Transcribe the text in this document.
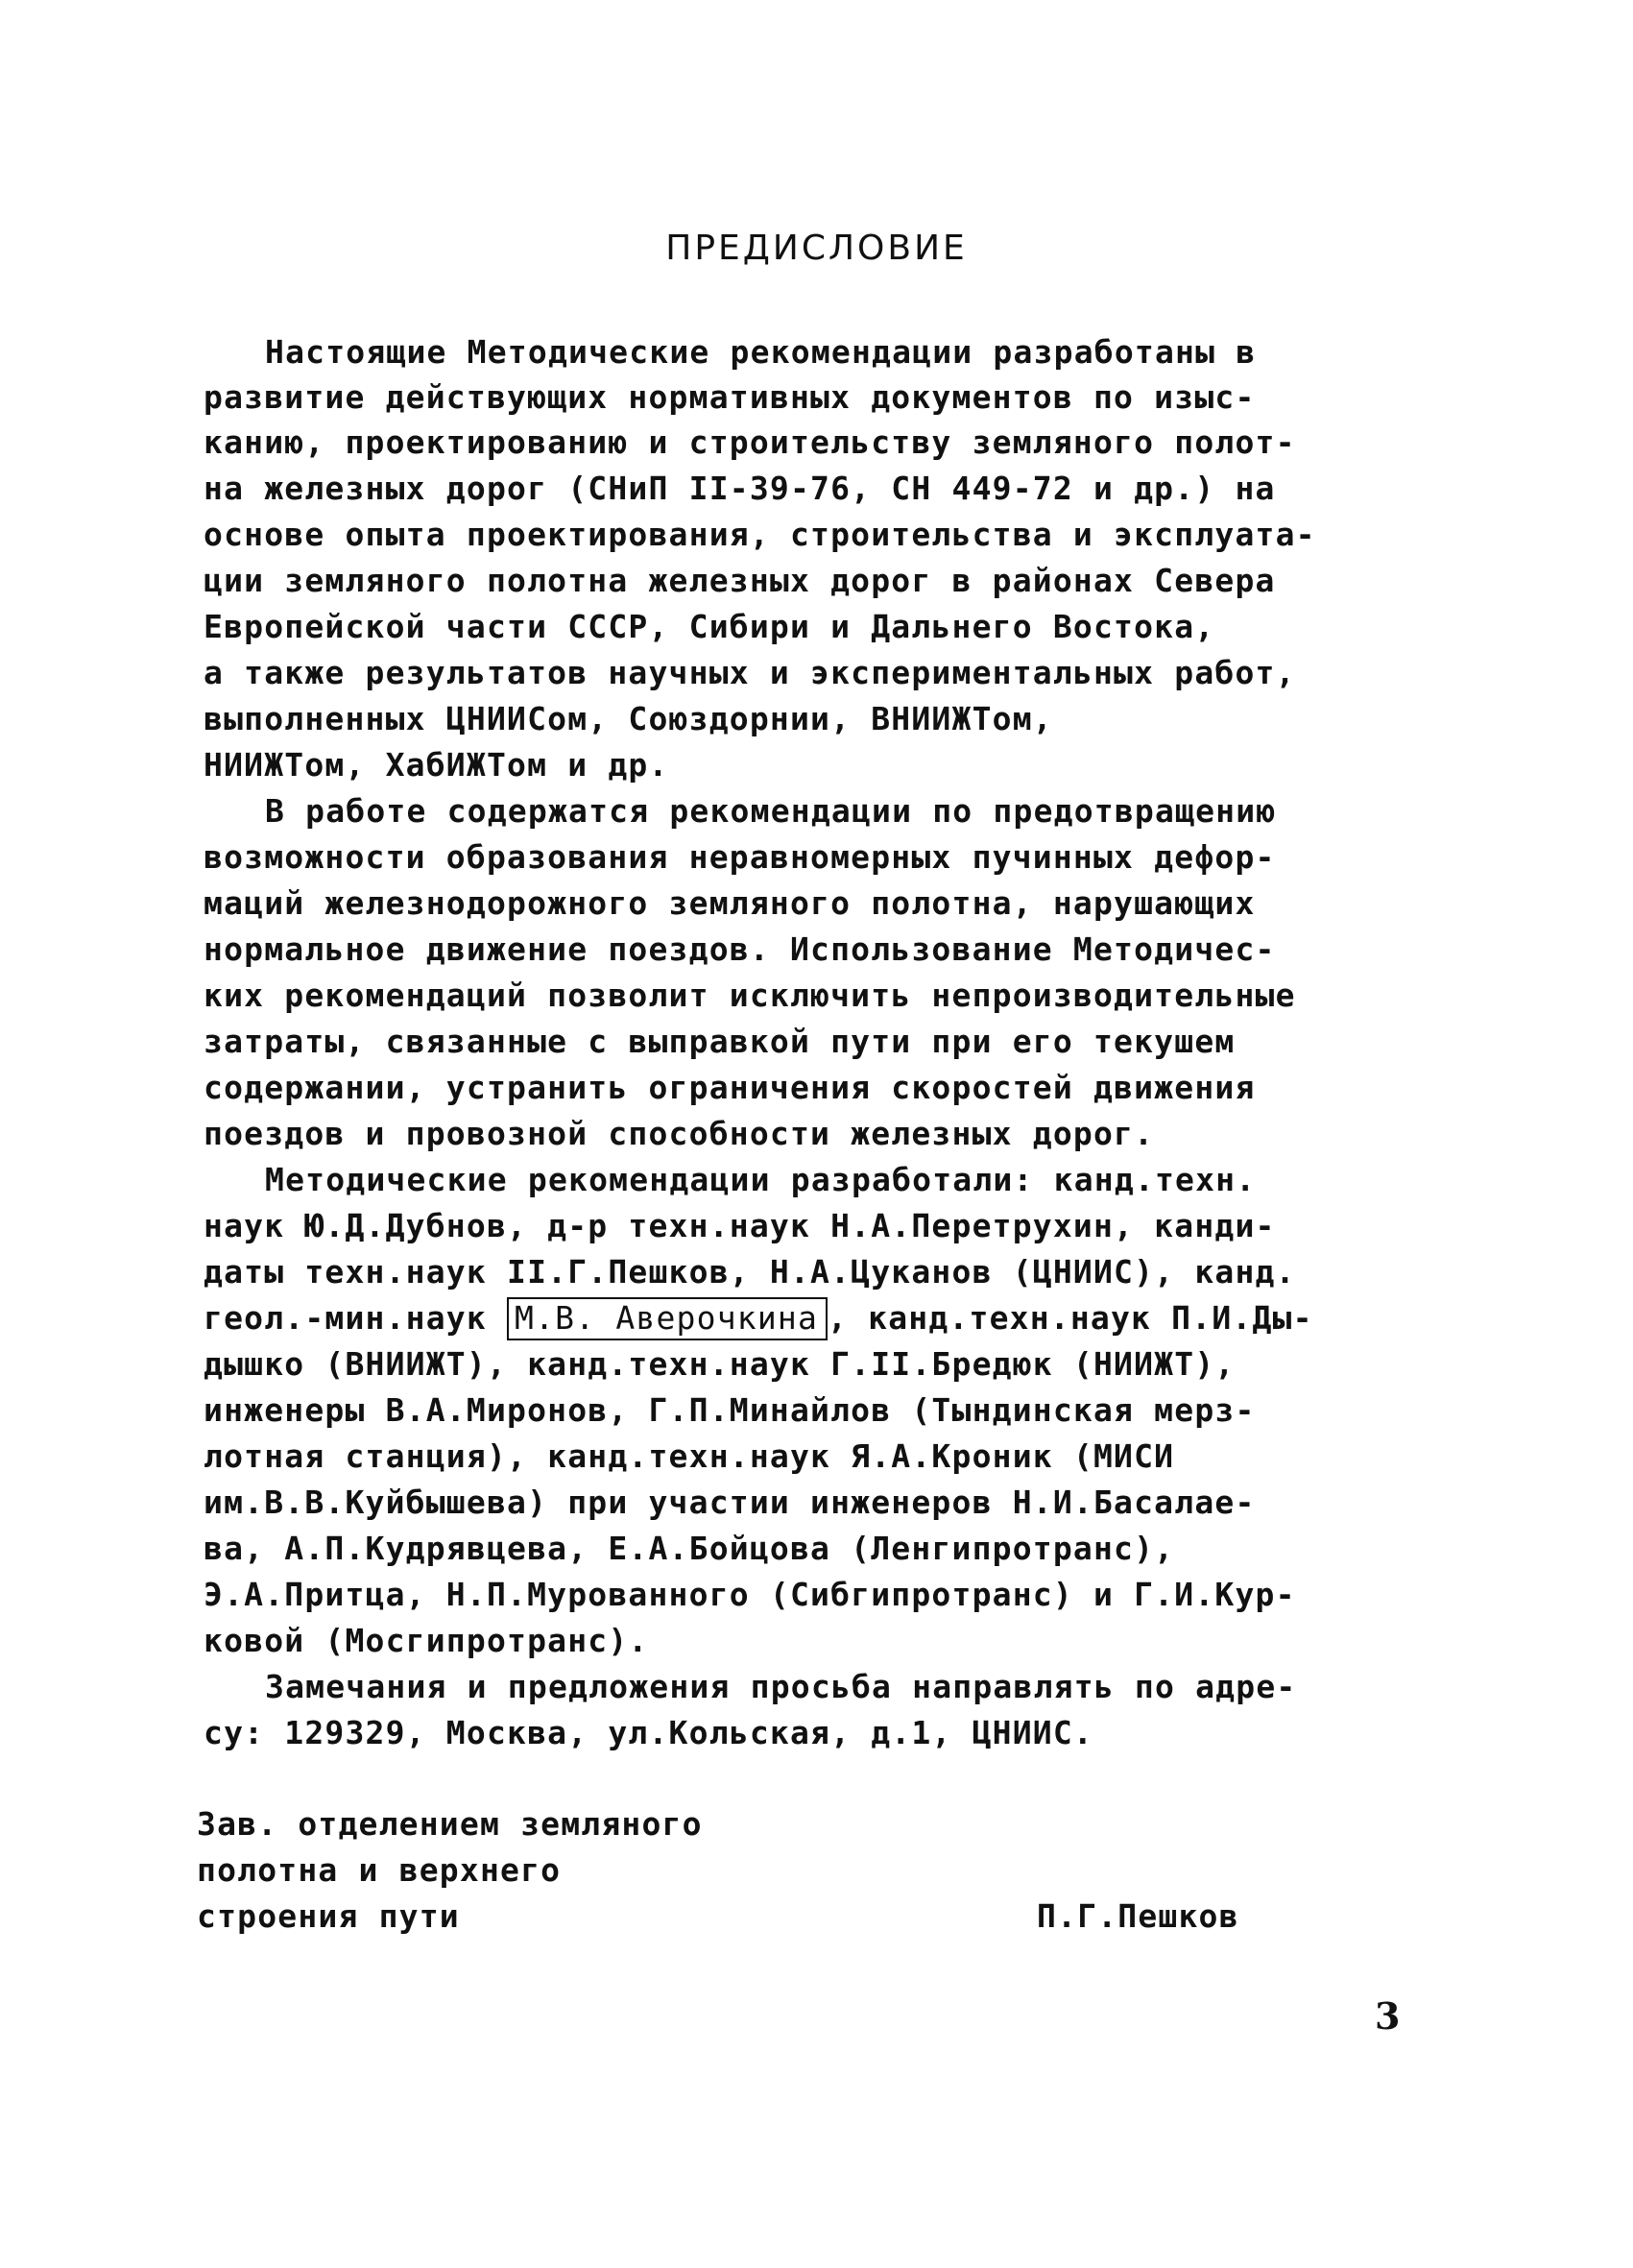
ПРЕДИСЛОВИЕ
Настоящие Методические рекомендации разработаны в
развитие действующих нормативных документов по изыс-
канию, проектированию и строительству земляного полот-
на железных дорог (СНиП II-39-76, СН 449-72 и др.) на
основе опыта проектирования, строительства и эксплуата-
ции земляного полотна железных дорог в районах Севера
Европейской части СССР, Сибири и Дальнего Востока,
а также результатов научных и экспериментальных работ,
выполненных ЦНИИСом, Союздорнии, ВНИИЖТом,
НИИЖТом, ХабИЖТом и др.
В работе содержатся рекомендации по предотвращению
возможности образования неравномерных пучинных дефор-
маций железнодорожного земляного полотна, нарушающих
нормальное движение поездов. Использование Методичес-
ких рекомендаций позволит исключить непроизводительные
затраты, связанные с выправкой пути при его текушем
содержании, устранить ограничения скоростей движения
поездов и провозной способности железных дорог.
Методические рекомендации разработали: канд.техн.
наук Ю.Д.Дубнов, д-р техн.наук Н.А.Перетрухин, канди-
даты техн.наук II.Г.Пешков, Н.А.Цуканов (ЦНИИС), канд.
геол.-мин.наук М.В. Аверочкина , канд.техн.наук П.И.Ды-
дышко (ВНИИЖТ), канд.техн.наук Г.II.Бредюк (НИИЖТ),
инженеры В.А.Миронов, Г.П.Минайлов (Тындинская мерз-
лотная станция), канд.техн.наук Я.А.Кроник (МИСИ
им.В.В.Куйбышева) при участии инженеров Н.И.Басалае-
ва, А.П.Кудрявцева, Е.А.Бойцова (Ленгипротранс),
Э.А.Притца, Н.П.Мурованного (Сибгипротранс) и Г.И.Кур-
ковой (Мосгипротранс).
Замечания и предложения просьба направлять по адре-
су: 129329, Москва, ул.Кольская, д.1, ЦНИИС.
Зав. отделением земляного
полотна и верхнего
строения пути	П.Г.Пешков
3
